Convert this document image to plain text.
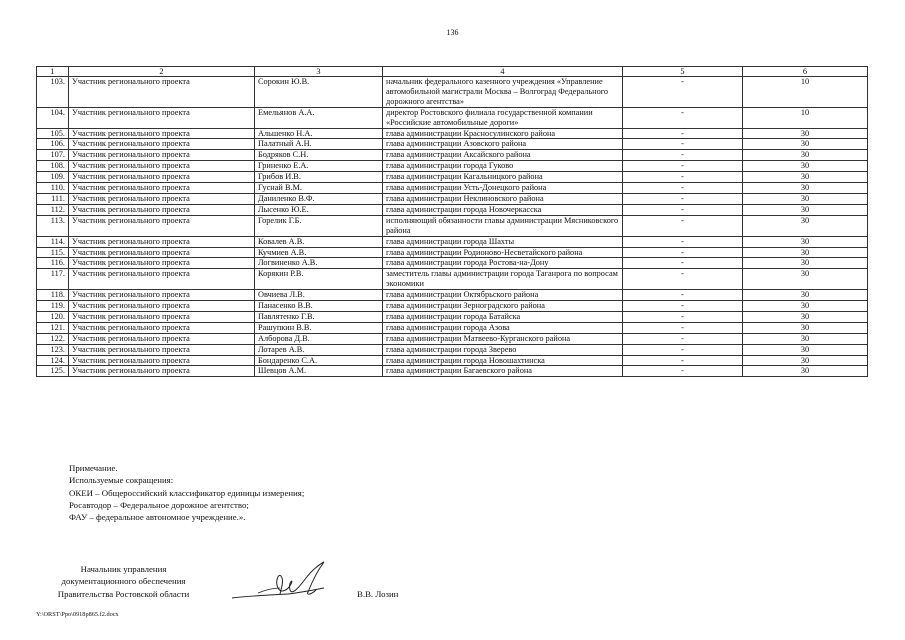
136
1	2	3	4	5	6
103.	Участник регионального проекта	Сорокин Ю.В.	начальник федерального казенного учреждения «Управление автомобильной магистрали Москва – Волгоград Федерального дорожного агентства»	-	10
104.	Участник регионального проекта	Емельянов А.А.	директор Ростовского филиала государственной компании «Российские автомобильные дороги»	-	10
105.	Участник регионального проекта	Альшенко Н.А.	глава администрации Красносулинского района	-	30
106.	Участник регионального проекта	Палатный А.Н.	глава администрации Азовского района	-	30
107.	Участник регионального проекта	Бодряков С.Н.	глава администрации Аксайского района	-	30
108.	Участник регионального проекта	Гриненко Е.А.	глава администрации города Гуково	-	30
109.	Участник регионального проекта	Грибов И.В.	глава администрации Кагальницкого района	-	30
110.	Участник регионального проекта	Гуснай В.М.	глава администрации Усть-Донецкого района	-	30
111.	Участник регионального проекта	Даниленко В.Ф.	глава администрации Неклиновского района	-	30
112.	Участник регионального проекта	Лысенко Ю.Е.	глава администрации города Новочеркасска	-	30
113.	Участник регионального проекта	Горелик Г.Б.	исполняющий обязанности главы администрации Мясниковского района	-	30
114.	Участник регионального проекта	Ковалев А.В.	глава администрации города Шахты	-	30
115.	Участник регионального проекта	Кучмиев А.В.	глава администрации Родионово-Несветайского района	-	30
116.	Участник регионального проекта	Логвиненко А.В.	глава администрации города Ростова-на-Дону	-	30
117.	Участник регионального проекта	Корякин Р.В.	заместитель главы администрации города Таганрога по вопросам экономики	-	30
118.	Участник регионального проекта	Овчиева Л.В.	глава администрации Октябрьского района	-	30
119.	Участник регионального проекта	Панасенко В.В.	глава администрации Зерноградского района	-	30
120.	Участник регионального проекта	Павлятенко Г.В.	глава администрации города Батайска	-	30
121.	Участник регионального проекта	Рашупкин В.В.	глава администрации города Азова	-	30
122.	Участник регионального проекта	Алборова Д.В.	глава администрации Матвеево-Курганского района	-	30
123.	Участник регионального проекта	Лотарев А.В.	глава администрации города Зверево	-	30
124.	Участник регионального проекта	Бондаренко С.А.	глава администрации города Новошахтинска	-	30
125.	Участник регионального проекта	Шевцов А.М.	глава администрации Багаевского района	-	30
Примечание.
Используемые сокращения:
ОКЕИ – Общероссийский классификатор единицы измерения;
Росавтодор – Федеральное дорожное агентство;
ФАУ – федеральное автономное учреждение.».
Начальник управления
документационного обеспечения
Правительства Ростовской области	В.В. Лозин
Y:\ORST\Ppo\0918p865.f2.docx
